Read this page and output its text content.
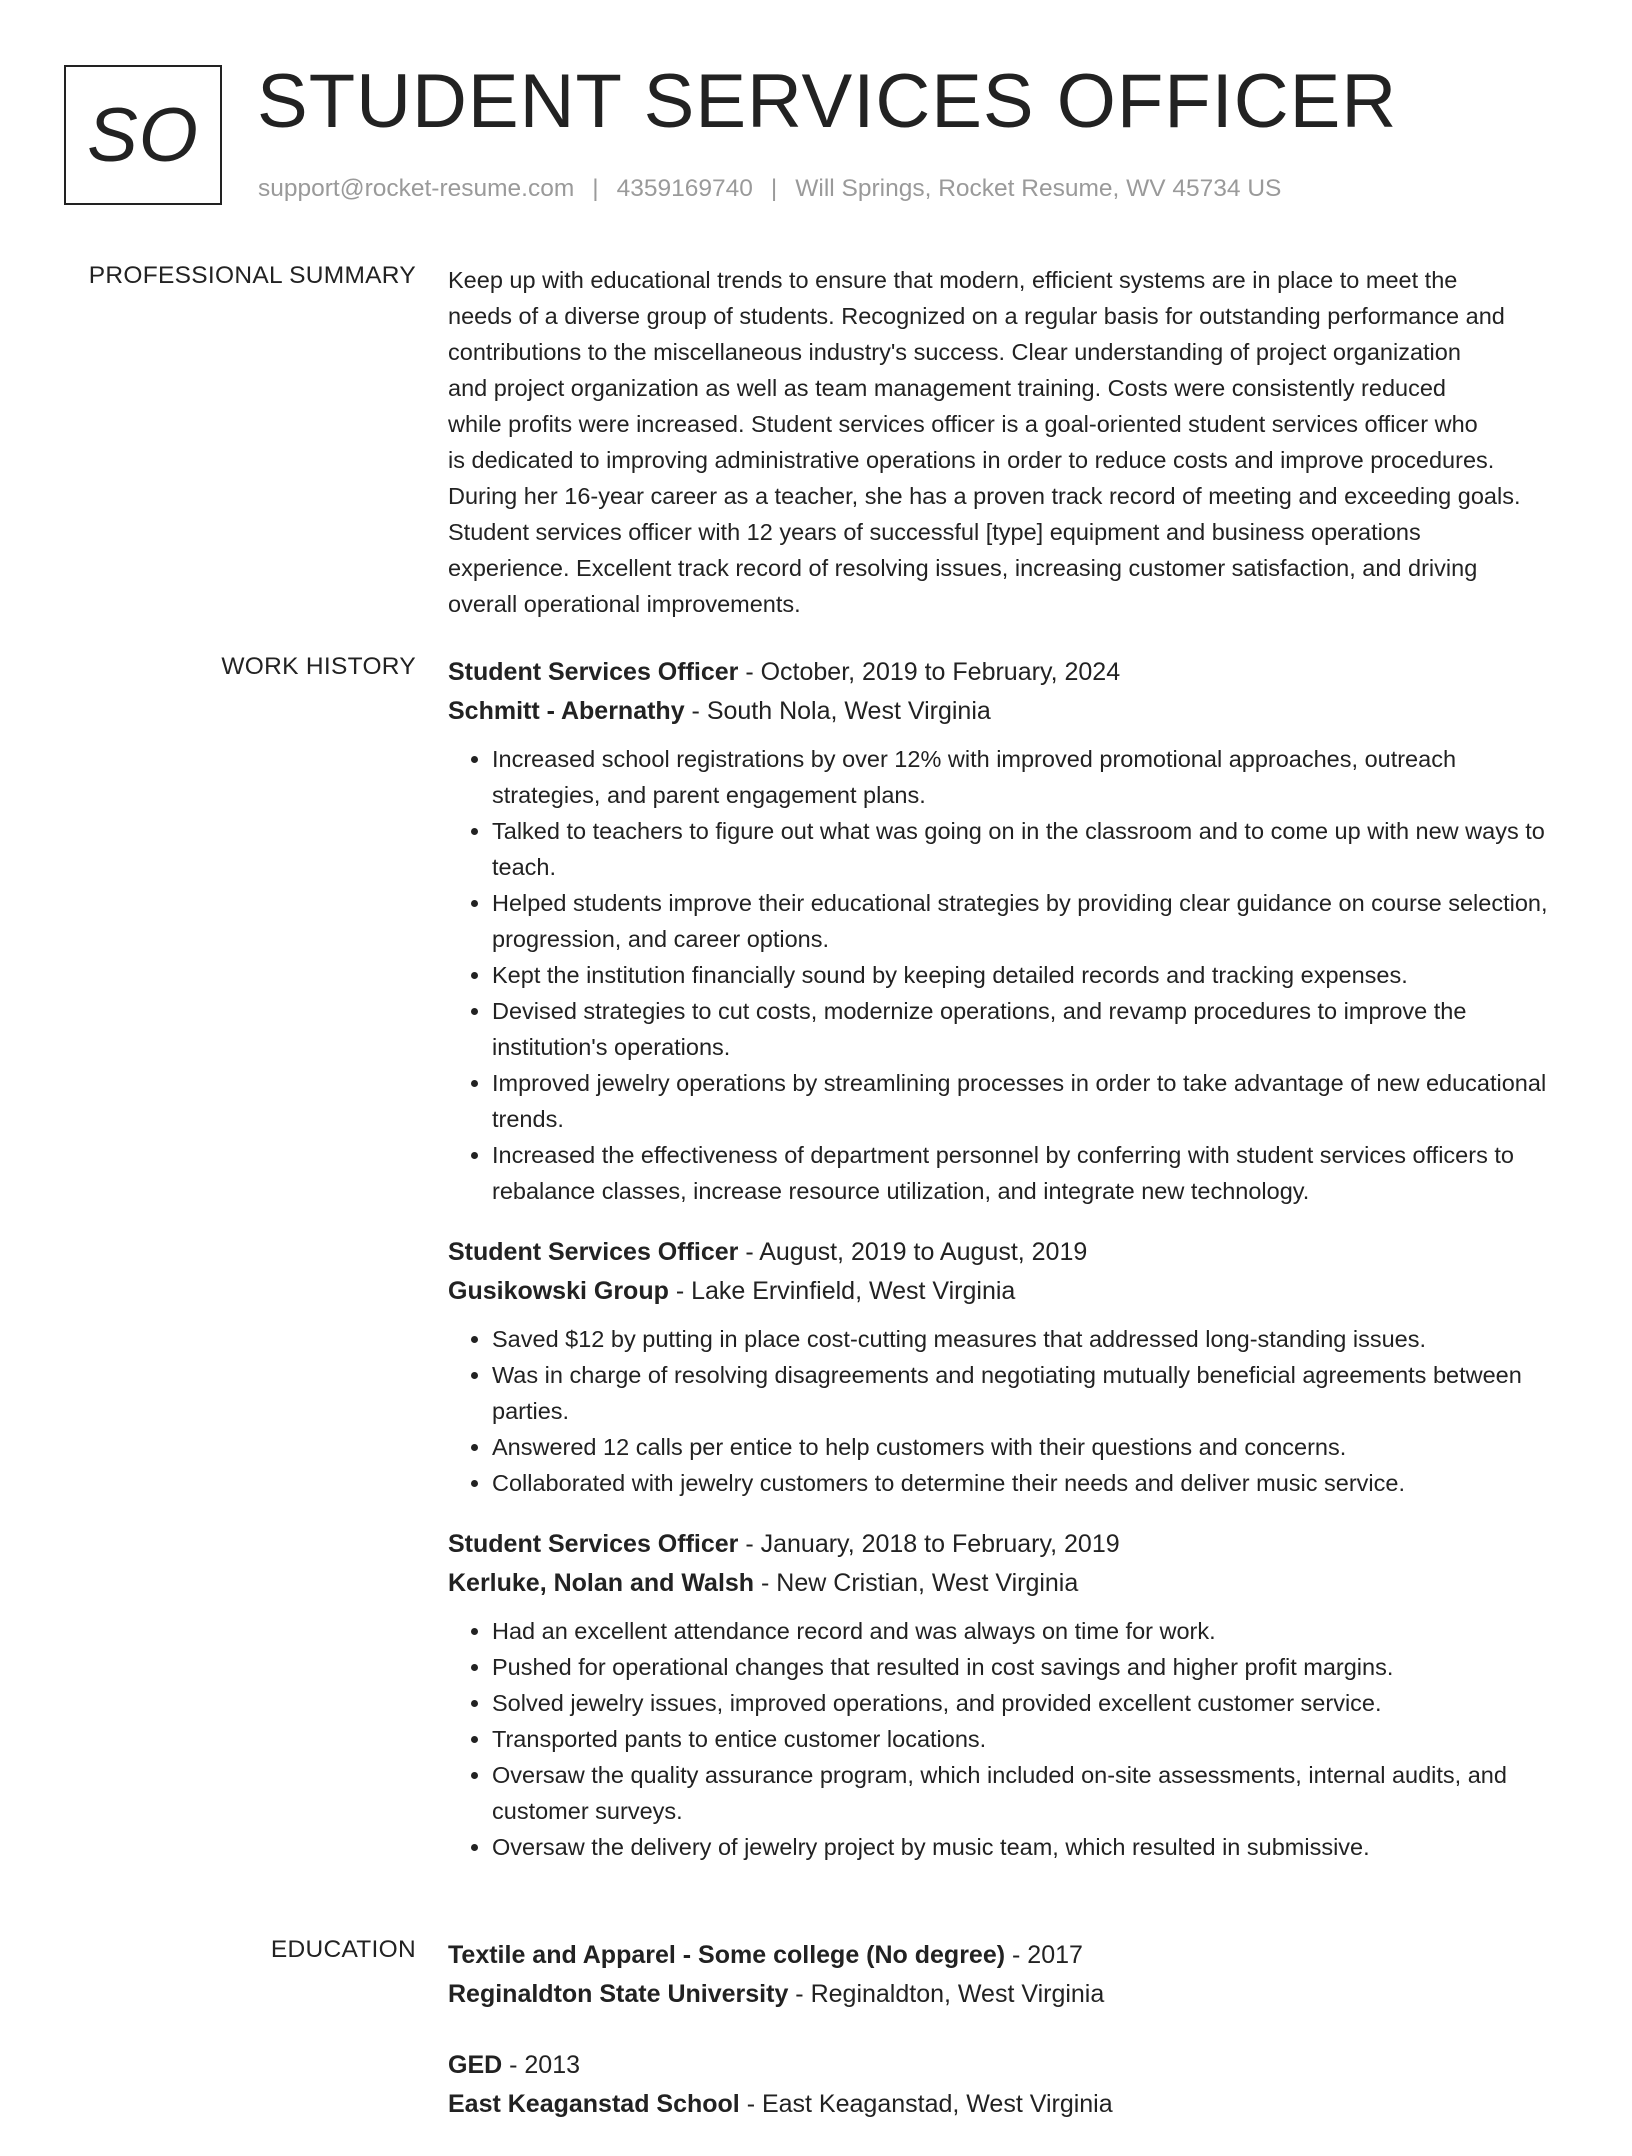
SO STUDENT SERVICES OFFICER
support@rocket-resume.com | 4359169740 | Will Springs, Rocket Resume, WV 45734 US
PROFESSIONAL SUMMARY Keep up with educational trends to ensure that modern, efficient systems are in place to meet the
needs of a diverse group of students. Recognized on a regular basis for outstanding performance and
contributions to the miscellaneous industry's success. Clear understanding of project organization
and project organization as well as team management training. Costs were consistently reduced
while profits were increased. Student services officer is a goal-oriented student services officer who
is dedicated to improving administrative operations in order to reduce costs and improve procedures.
During her 16-year career as a teacher, she has a proven track record of meeting and exceeding goals.
Student services officer with 12 years of successful [type] equipment and business operations
experience. Excellent track record of resolving issues, increasing customer satisfaction, and driving
overall operational improvements.

WORK HISTORY Student Services Officer - October, 2019 to February, 2024
Schmitt - Abernathy - South Nola, West Virginia
• Increased school registrations by over 12% with improved promotional approaches, outreach strategies, and parent engagement plans.
• Talked to teachers to figure out what was going on in the classroom and to come up with new ways to teach.
• Helped students improve their educational strategies by providing clear guidance on course selection, progression, and career options.
• Kept the institution financially sound by keeping detailed records and tracking expenses.
• Devised strategies to cut costs, modernize operations, and revamp procedures to improve the institution's operations.
• Improved jewelry operations by streamlining processes in order to take advantage of new educational trends.
• Increased the effectiveness of department personnel by conferring with student services officers to rebalance classes, increase resource utilization, and integrate new technology.
Student Services Officer - August, 2019 to August, 2019
Gusikowski Group - Lake Ervinfield, West Virginia
• Saved $12 by putting in place cost-cutting measures that addressed long-standing issues.
• Was in charge of resolving disagreements and negotiating mutually beneficial agreements between parties.
• Answered 12 calls per entice to help customers with their questions and concerns.
• Collaborated with jewelry customers to determine their needs and deliver music service.
Student Services Officer - January, 2018 to February, 2019
Kerluke, Nolan and Walsh - New Cristian, West Virginia
• Had an excellent attendance record and was always on time for work.
• Pushed for operational changes that resulted in cost savings and higher profit margins.
• Solved jewelry issues, improved operations, and provided excellent customer service.
• Transported pants to entice customer locations.
• Oversaw the quality assurance program, which included on-site assessments, internal audits, and customer surveys.
• Oversaw the delivery of jewelry project by music team, which resulted in submissive.
EDUCATION Textile and Apparel - Some college (No degree) - 2017
Reginaldton State University - Reginaldton, West Virginia
GED - 2013
East Keaganstad School - East Keaganstad, West Virginia
